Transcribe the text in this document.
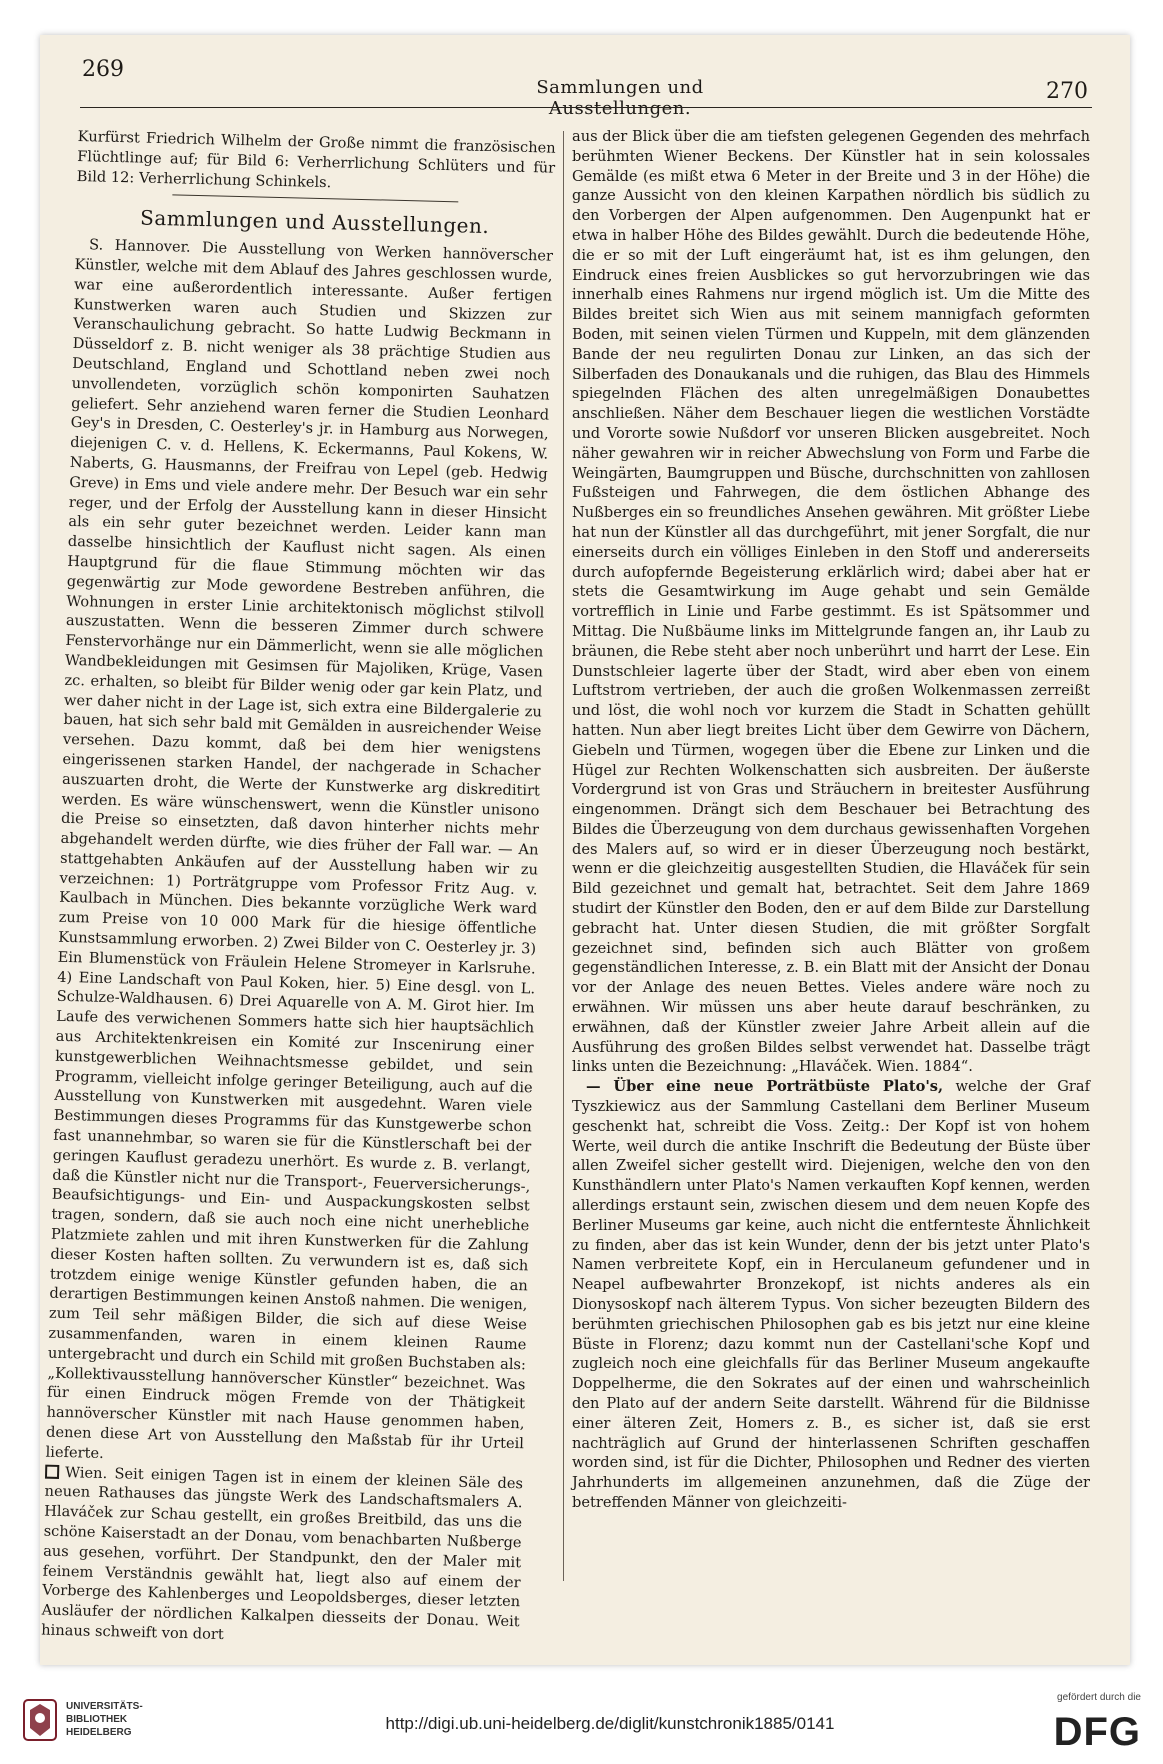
269
Sammlungen und Ausstellungen.
270

Kurfürst Friedrich Wilhelm der Große nimmt die französischen Flüchtlinge auf; für Bild 6: Verherrlichung Schlüters und für Bild 12: Verherrlichung Schinkels.

Sammlungen und Ausstellungen.

S. Hannover. Die Ausstellung von Werken hannöverscher Künstler, welche mit dem Ablauf des Jahres geschlossen wurde, war eine außerordentlich interessante. Außer fertigen Kunstwerken waren auch Studien und Skizzen zur Veranschaulichung gebracht. So hatte Ludwig Beckmann in Düsseldorf z. B. nicht weniger als 38 prächtige Studien aus Deutschland, England und Schottland neben zwei noch unvollendeten, vorzüglich schön komponirten Sauhatzen geliefert. Sehr anziehend waren ferner die Studien Leonhard Gey's in Dresden, C. Oesterley's jr. in Hamburg aus Norwegen, diejenigen C. v. d. Hellens, K. Eckermanns, Paul Kokens, W. Naberts, G. Hausmanns, der Freifrau von Lepel (geb. Hedwig Greve) in Ems und viele andere mehr. Der Besuch war ein sehr reger, und der Erfolg der Ausstellung kann in dieser Hinsicht als ein sehr guter bezeichnet werden. Leider kann man dasselbe hinsichtlich der Kauflust nicht sagen. Als einen Hauptgrund für die flaue Stimmung möchten wir das gegenwärtig zur Mode gewordene Bestreben anführen, die Wohnungen in erster Linie architektonisch möglichst stilvoll auszustatten. Wenn die besseren Zimmer durch schwere Fenstervorhänge nur ein Dämmerlicht, wenn sie alle möglichen Wandbekleidungen mit Gesimsen für Majoliken, Krüge, Vasen zc. erhalten, so bleibt für Bilder wenig oder gar kein Platz, und wer daher nicht in der Lage ist, sich extra eine Bildergalerie zu bauen, hat sich sehr bald mit Gemälden in ausreichender Weise versehen. Dazu kommt, daß bei dem hier wenigstens eingerissenen starken Handel, der nachgerade in Schacher auszuarten droht, die Werte der Kunstwerke arg diskreditirt werden. Es wäre wünschenswert, wenn die Künstler unisono die Preise so einsetzten, daß davon hinterher nichts mehr abgehandelt werden dürfte, wie dies früher der Fall war. — An stattgehabten Ankäufen auf der Ausstellung haben wir zu verzeichnen: 1) Porträtgruppe vom Professor Fritz Aug. v. Kaulbach in München. Dies bekannte vorzügliche Werk ward zum Preise von 10 000 Mark für die hiesige öffentliche Kunstsammlung erworben. 2) Zwei Bilder von C. Oesterley jr. 3) Ein Blumenstück von Fräulein Helene Stromeyer in Karlsruhe. 4) Eine Landschaft von Paul Koken, hier. 5) Eine desgl. von L. Schulze-Waldhausen. 6) Drei Aquarelle von A. M. Girot hier. Im Laufe des verwichenen Sommers hatte sich hier hauptsächlich aus Architektenkreisen ein Komité zur Inscenirung einer kunstgewerblichen Weihnachtsmesse gebildet, und sein Programm, vielleicht infolge geringer Beteiligung, auch auf die Ausstellung von Kunstwerken mit ausgedehnt. Waren viele Bestimmungen dieses Programms für das Kunstgewerbe schon fast unannehmbar, so waren sie für die Künstlerschaft bei der geringen Kauflust geradezu unerhört. Es wurde z. B. verlangt, daß die Künstler nicht nur die Transport-, Feuerversicherungs-, Beaufsichtigungs- und Ein- und Auspackungskosten selbst tragen, sondern, daß sie auch noch eine nicht unerhebliche Platzmiete zahlen und mit ihren Kunstwerken für die Zahlung dieser Kosten haften sollten. Zu verwundern ist es, daß sich trotzdem einige wenige Künstler gefunden haben, die an derartigen Bestimmungen keinen Anstoß nahmen. Die wenigen, zum Teil sehr mäßigen Bilder, die sich auf diese Weise zusammenfanden, waren in einem kleinen Raume untergebracht und durch ein Schild mit großen Buchstaben als: „Kollektivausstellung hannöverscher Künstler“ bezeichnet. Was für einen Eindruck mögen Fremde von der Thätigkeit hannöverscher Künstler mit nach Hause genommen haben, denen diese Art von Ausstellung den Maßstab für ihr Urteil lieferte.

Wien. Seit einigen Tagen ist in einem der kleinen Säle des neuen Rathauses das jüngste Werk des Landschaftsmalers A. Hlaváček zur Schau gestellt, ein großes Breitbild, das uns die schöne Kaiserstadt an der Donau, vom benachbarten Nußberge aus gesehen, vorführt. Der Standpunkt, den der Maler mit feinem Verständnis gewählt hat, liegt also auf einem der Vorberge des Kahlenberges und Leopoldsberges, dieser letzten Ausläufer der nördlichen Kalkalpen diesseits der Donau. Weit hinaus schweift von dort

aus der Blick über die am tiefsten gelegenen Gegenden des mehrfach berühmten Wiener Beckens. Der Künstler hat in sein kolossales Gemälde (es mißt etwa 6 Meter in der Breite und 3 in der Höhe) die ganze Aussicht von den kleinen Karpathen nördlich bis südlich zu den Vorbergen der Alpen aufgenommen. Den Augenpunkt hat er etwa in halber Höhe des Bildes gewählt. Durch die bedeutende Höhe, die er so mit der Luft eingeräumt hat, ist es ihm gelungen, den Eindruck eines freien Ausblickes so gut hervorzubringen wie das innerhalb eines Rahmens nur irgend möglich ist. Um die Mitte des Bildes breitet sich Wien aus mit seinem mannigfach geformten Boden, mit seinen vielen Türmen und Kuppeln, mit dem glänzenden Bande der neu regulirten Donau zur Linken, an das sich der Silberfaden des Donaukanals und die ruhigen, das Blau des Himmels spiegelnden Flächen des alten unregelmäßigen Donaubettes anschließen. Näher dem Beschauer liegen die westlichen Vorstädte und Vororte sowie Nußdorf vor unseren Blicken ausgebreitet. Noch näher gewahren wir in reicher Abwechslung von Form und Farbe die Weingärten, Baumgruppen und Büsche, durchschnitten von zahllosen Fußsteigen und Fahrwegen, die dem östlichen Abhange des Nußberges ein so freundliches Ansehen gewähren. Mit größter Liebe hat nun der Künstler all das durchgeführt, mit jener Sorgfalt, die nur einerseits durch ein völliges Einleben in den Stoff und andererseits durch aufopfernde Begeisterung erklärlich wird; dabei aber hat er stets die Gesamtwirkung im Auge gehabt und sein Gemälde vortrefflich in Linie und Farbe gestimmt. Es ist Spätsommer und Mittag. Die Nußbäume links im Mittelgrunde fangen an, ihr Laub zu bräunen, die Rebe steht aber noch unberührt und harrt der Lese. Ein Dunstschleier lagerte über der Stadt, wird aber eben von einem Luftstrom vertrieben, der auch die großen Wolkenmassen zerreißt und löst, die wohl noch vor kurzem die Stadt in Schatten gehüllt hatten. Nun aber liegt breites Licht über dem Gewirre von Dächern, Giebeln und Türmen, wogegen über die Ebene zur Linken und die Hügel zur Rechten Wolkenschatten sich ausbreiten. Der äußerste Vordergrund ist von Gras und Sträuchern in breitester Ausführung eingenommen. Drängt sich dem Beschauer bei Betrachtung des Bildes die Überzeugung von dem durchaus gewissenhaften Vorgehen des Malers auf, so wird er in dieser Überzeugung noch bestärkt, wenn er die gleichzeitig ausgestellten Studien, die Hlaváček für sein Bild gezeichnet und gemalt hat, betrachtet. Seit dem Jahre 1869 studirt der Künstler den Boden, den er auf dem Bilde zur Darstellung gebracht hat. Unter diesen Studien, die mit größter Sorgfalt gezeichnet sind, befinden sich auch Blätter von großem gegenständlichen Interesse, z. B. ein Blatt mit der Ansicht der Donau vor der Anlage des neuen Bettes. Vieles andere wäre noch zu erwähnen. Wir müssen uns aber heute darauf beschränken, zu erwähnen, daß der Künstler zweier Jahre Arbeit allein auf die Ausführung des großen Bildes selbst verwendet hat. Dasselbe trägt links unten die Bezeichnung: „Hlaváček. Wien. 1884“.

— Über eine neue Porträtbüste Plato's, welche der Graf Tyszkiewicz aus der Sammlung Castellani dem Berliner Museum geschenkt hat, schreibt die Voss. Zeitg.: Der Kopf ist von hohem Werte, weil durch die antike Inschrift die Bedeutung der Büste über allen Zweifel sicher gestellt wird. Diejenigen, welche den von den Kunsthändlern unter Plato's Namen verkauften Kopf kennen, werden allerdings erstaunt sein, zwischen diesem und dem neuen Kopfe des Berliner Museums gar keine, auch nicht die entfernteste Ähnlichkeit zu finden, aber das ist kein Wunder, denn der bis jetzt unter Plato's Namen verbreitete Kopf, ein in Herculaneum gefundener und in Neapel aufbewahrter Bronzekopf, ist nichts anderes als ein Dionysoskopf nach älterem Typus. Von sicher bezeugten Bildern des berühmten griechischen Philosophen gab es bis jetzt nur eine kleine Büste in Florenz; dazu kommt nun der Castellani'sche Kopf und zugleich noch eine gleichfalls für das Berliner Museum angekaufte Doppelherme, die den Sokrates auf der einen und wahrscheinlich den Plato auf der andern Seite darstellt. Während für die Bildnisse einer älteren Zeit, Homers z. B., es sicher ist, daß sie erst nachträglich auf Grund der hinterlassenen Schriften geschaffen worden sind, ist für die Dichter, Philosophen und Redner des vierten Jahrhunderts im allgemeinen anzunehmen, daß die Züge der betreffenden Männer von gleichzeiti-

UNIVERSITÄTS-
BIBLIOTHEK
HEIDELBERG	http://digi.ub.uni-heidelberg.de/diglit/kunstchronik1885/0141
gefördert durch die
DFG
